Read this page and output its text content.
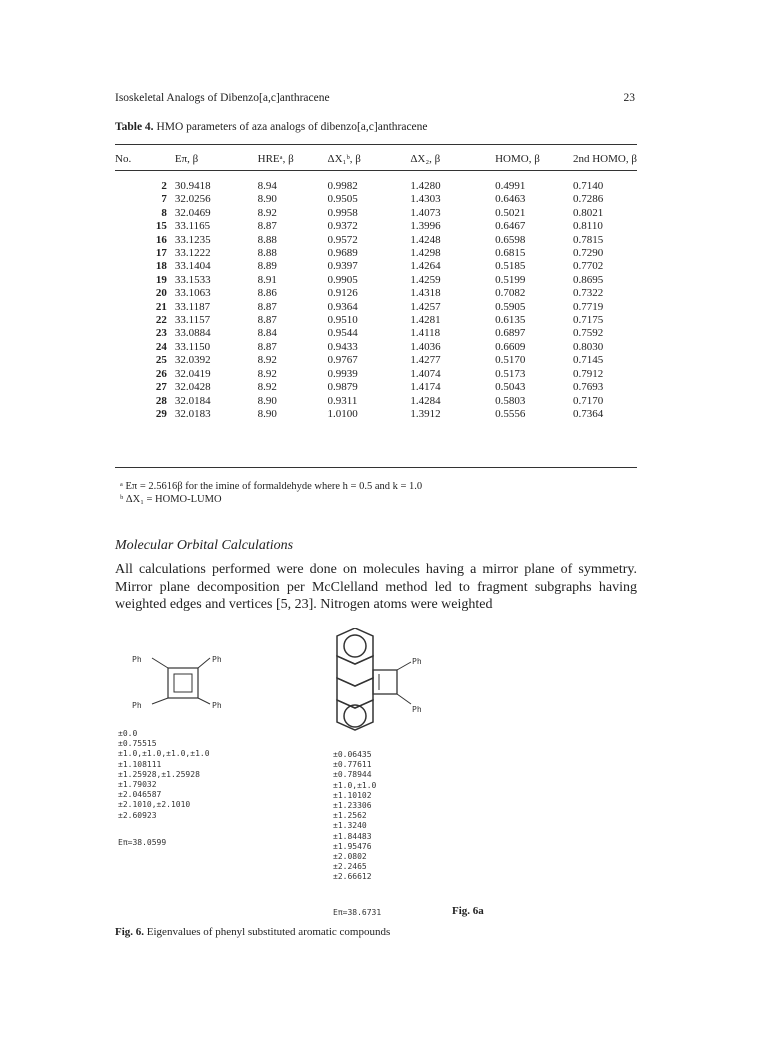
Isoskeletal Analogs of Dibenzo[a,c]anthracene	23
Table 4. HMO parameters of aza analogs of dibenzo[a,c]anthracene
No.	Eπ, β	HREᵃ, β	ΔX₁ᵇ, β	ΔX₂, β	HOMO, β	2nd HOMO, β

2	30.9418	8.94	0.9982	1.4280	0.4991	0.7140
7	32.0256	8.90	0.9505	1.4303	0.6463	0.7286
8	32.0469	8.92	0.9958	1.4073	0.5021	0.8021
15	33.1165	8.87	0.9372	1.3996	0.6467	0.8110
16	33.1235	8.88	0.9572	1.4248	0.6598	0.7815
17	33.1222	8.88	0.9689	1.4298	0.6815	0.7290
18	33.1404	8.89	0.9397	1.4264	0.5185	0.7702
19	33.1533	8.91	0.9905	1.4259	0.5199	0.8695
20	33.1063	8.86	0.9126	1.4318	0.7082	0.7322
21	33.1187	8.87	0.9364	1.4257	0.5905	0.7719
22	33.1157	8.87	0.9510	1.4281	0.6135	0.7175
23	33.0884	8.84	0.9544	1.4118	0.6897	0.7592
24	33.1150	8.87	0.9433	1.4036	0.6609	0.8030
25	32.0392	8.92	0.9767	1.4277	0.5170	0.7145
26	32.0419	8.92	0.9939	1.4074	0.5173	0.7912
27	32.0428	8.92	0.9879	1.4174	0.5043	0.7693
28	32.0184	8.90	0.9311	1.4284	0.5803	0.7170
29	32.0183	8.90	1.0100	1.3912	0.5556	0.7364
ᵃ Eπ = 2.5616β for the imine of formaldehyde where h = 0.5 and k = 1.0
ᵇ ΔX₁ = HOMO-LUMO
Molecular Orbital Calculations
All calculations performed were done on molecules having a mirror plane of symmetry. Mirror plane decomposition per McClelland method led to fragment subgraphs having weighted edges and vertices [5, 23]. Nitrogen atoms were weighted
Ph	Ph
Ph	Ph
Ph
Ph
±0.0
±0.75515
±1.0,±1.0,±1.0,±1.0
±1.108111
±1.25928,±1.25928
±1.79032
±2.046587
±2.1010,±2.1010
±2.60923
Eπ=38.0599
±0.06435
±0.77611
±0.78944
±1.0,±1.0
±1.10102
±1.23306
±1.2562
±1.3240
±1.84483
±1.95476
±2.0802
±2.2465
±2.66612
Eπ=38.6731	Fig. 6a
Fig. 6. Eigenvalues of phenyl substituted aromatic compounds
